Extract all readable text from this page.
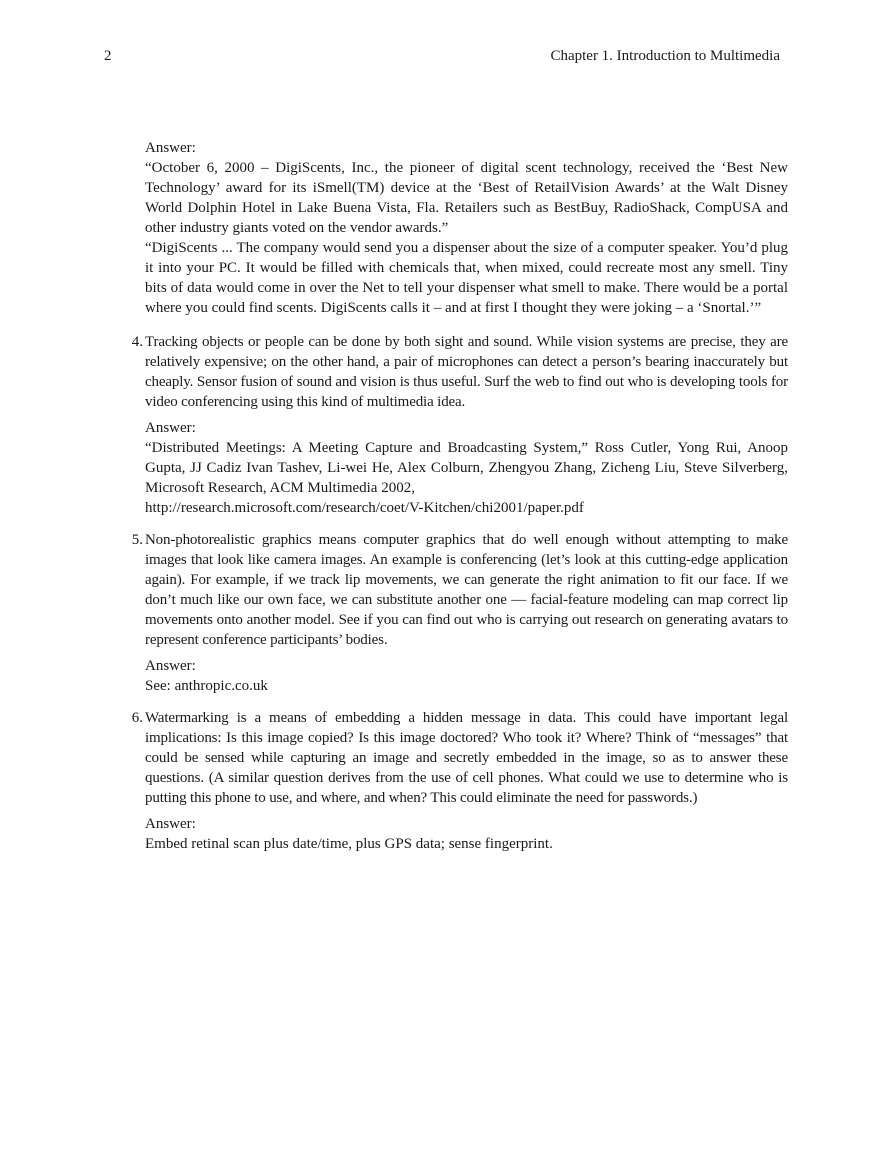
2	Chapter 1. Introduction to Multimedia
Answer:
“October 6, 2000 – DigiScents, Inc., the pioneer of digital scent technology, received the ‘Best New Technology’ award for its iSmell(TM) device at the ‘Best of RetailVision Awards’ at the Walt Disney World Dolphin Hotel in Lake Buena Vista, Fla. Retailers such as BestBuy, RadioShack, CompUSA and other industry giants voted on the vendor awards.”
“DigiScents ... The company would send you a dispenser about the size of a computer speaker. You’d plug it into your PC. It would be filled with chemicals that, when mixed, could recreate most any smell. Tiny bits of data would come in over the Net to tell your dispenser what smell to make. There would be a portal where you could find scents. DigiScents calls it – and at first I thought they were joking – a ‘Snortal.’”
4. Tracking objects or people can be done by both sight and sound. While vision systems are precise, they are relatively expensive; on the other hand, a pair of microphones can detect a person’s bearing inaccurately but cheaply. Sensor fusion of sound and vision is thus useful. Surf the web to find out who is developing tools for video conferencing using this kind of multimedia idea.
Answer:
“Distributed Meetings: A Meeting Capture and Broadcasting System,” Ross Cutler, Yong Rui, Anoop Gupta, JJ Cadiz Ivan Tashev, Li-wei He, Alex Colburn, Zhengyou Zhang, Zicheng Liu, Steve Silverberg, Microsoft Research, ACM Multimedia 2002,
http://research.microsoft.com/research/coet/V-Kitchen/chi2001/paper.pdf
5. Non-photorealistic graphics means computer graphics that do well enough without attempting to make images that look like camera images. An example is conferencing (let’s look at this cutting-edge application again). For example, if we track lip movements, we can generate the right animation to fit our face. If we don’t much like our own face, we can substitute another one — facial-feature modeling can map correct lip movements onto another model. See if you can find out who is carrying out research on generating avatars to represent conference participants’ bodies.
Answer:
See: anthropic.co.uk
6. Watermarking is a means of embedding a hidden message in data. This could have important legal implications: Is this image copied? Is this image doctored? Who took it? Where? Think of “messages” that could be sensed while capturing an image and secretly embedded in the image, so as to answer these questions. (A similar question derives from the use of cell phones. What could we use to determine who is putting this phone to use, and where, and when? This could eliminate the need for passwords.)
Answer:
Embed retinal scan plus date/time, plus GPS data; sense fingerprint.
